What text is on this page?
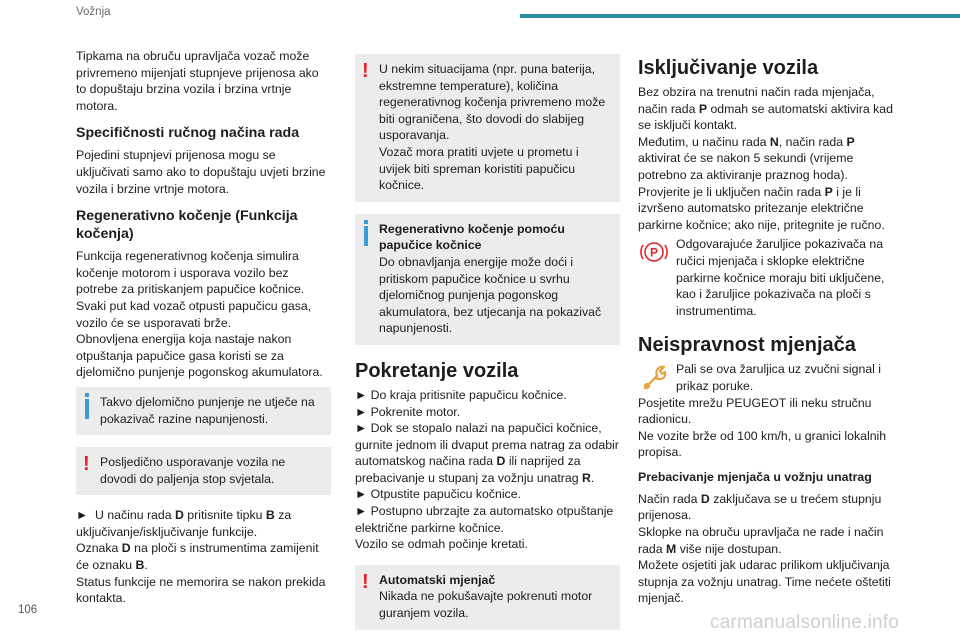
Vožnja

Tipkama na obruču upravljača vozač može privremeno mijenjati stupnjeve prijenosa ako to dopuštaju brzina vozila i brzina vrtnje motora.

Specifičnosti ručnog načina rada

Pojedini stupnjevi prijenosa mogu se uključivati samo ako to dopuštaju uvjeti brzine vozila i brzine vrtnje motora.

Regenerativno kočenje (Funkcija kočenja)

Funkcija regenerativnog kočenja simulira kočenje motorom i usporava vozilo bez potrebe za pritiskanjem papučice kočnice. Svaki put kad vozač otpusti papučicu gasa, vozilo će se usporavati brže.

Obnovljena energija koja nastaje nakon otpuštanja papučice gasa koristi se za djelomično punjenje pogonskog akumulatora.

Takvo djelomično punjenje ne utječe na pokazivač razine napunjenosti.

! Posljedično usporavanje vozila ne dovodi do paljenja stop svjetala.

► U načinu rada D pritisnite tipku B za uključivanje/isključivanje funkcije.

Oznaka D na ploči s instrumentima zamijenit će oznaku B.

Status funkcije ne memorira se nakon prekida kontakta.

! U nekim situacijama (npr. puna baterija, ekstremne temperature), količina regenerativnog kočenja privremeno može biti ograničena, što dovodi do slabijeg usporavanja.

Vozač mora pratiti uvjete u prometu i uvijek biti spreman koristiti papučicu kočnice.

Regenerativno kočenje pomoću papučice kočnice

Do obnavljanja energije može doći i pritiskom papučice kočnice u svrhu djelomičnog punjenja pogonskog akumulatora, bez utjecanja na pokazivač napunjenosti.

Pokretanje vozila

► Do kraja pritisnite papučicu kočnice.

► Pokrenite motor.

► Dok se stopalo nalazi na papučici kočnice, gurnite jednom ili dvaput prema natrag za odabir automatskog načina rada D ili naprijed za prebacivanje u stupanj za vožnju unatrag R.

► Otpustite papučicu kočnice.

► Postupno ubrzajte za automatsko otpuštanje električne parkirne kočnice.

Vozilo se odmah počinje kretati.

! Automatski mjenjač

Nikada ne pokušavajte pokrenuti motor guranjem vozila.

Isključivanje vozila

Bez obzira na trenutni način rada mjenjača, način rada P odmah se automatski aktivira kad se isključi kontakt.

Međutim, u načinu rada N, način rada P aktivirat će se nakon 5 sekundi (vrijeme potrebno za aktiviranje praznog hoda).

Provjerite je li uključen način rada P i je li izvršeno automatsko pritezanje električne parkirne kočnice; ako nije, pritegnite je ručno.

P

Odgovarajuće žaruljice pokazivača na ručici mjenjača i sklopke električne parkirne kočnice moraju biti uključene, kao i žaruljice pokazivača na ploči s instrumentima.

Neispravnost mjenjača

Pali se ova žaruljica uz zvučni signal i prikaz poruke.

Posjetite mrežu PEUGEOT ili neku stručnu radionicu.

Ne vozite brže od 100 km/h, u granici lokalnih propisa.

Prebacivanje mjenjača u vožnju unatrag

Način rada D zaključava se u trećem stupnju prijenosa.

Sklopke na obruču upravljača ne rade i način rada M više nije dostupan.

Možete osjetiti jak udarac prilikom uključivanja stupnja za vožnju unatrag. Time nećete oštetiti mjenjač.

106
carmanualsonline.info
